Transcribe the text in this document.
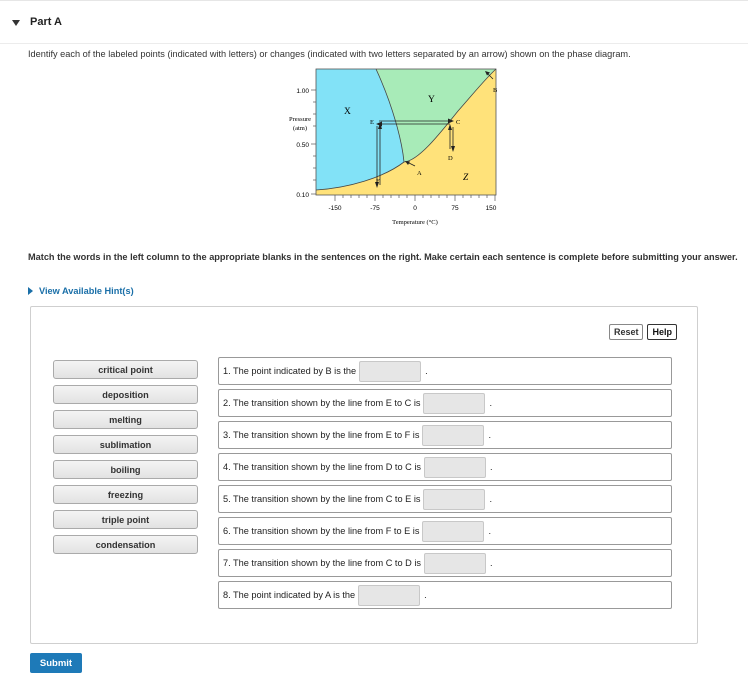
Part A
Identify each of the labeled points (indicated with letters) or changes (indicated with two letters separated by an arrow) shown on the phase diagram.
X
Y
Z
A
B
C
D
E
F
1.00
0.50
0.10
Pressure
(atm)
-150	-75	0	75	150
Temperature (°C)
Match the words in the left column to the appropriate blanks in the sentences on the right. Make certain each sentence is complete before submitting your answer.
View Available Hint(s)
Reset	Help
critical point
deposition
melting
sublimation
boiling
freezing
triple point
condensation
1. The point indicated by B is the	.
2. The transition shown by the line from E to C is	.
3. The transition shown by the line from E to F is	.
4. The transition shown by the line from D to C is	.
5. The transition shown by the line from C to E is	.
6. The transition shown by the line from F to E is	.
7. The transition shown by the line from C to D is	.
8. The point indicated by A is the	.
Submit
